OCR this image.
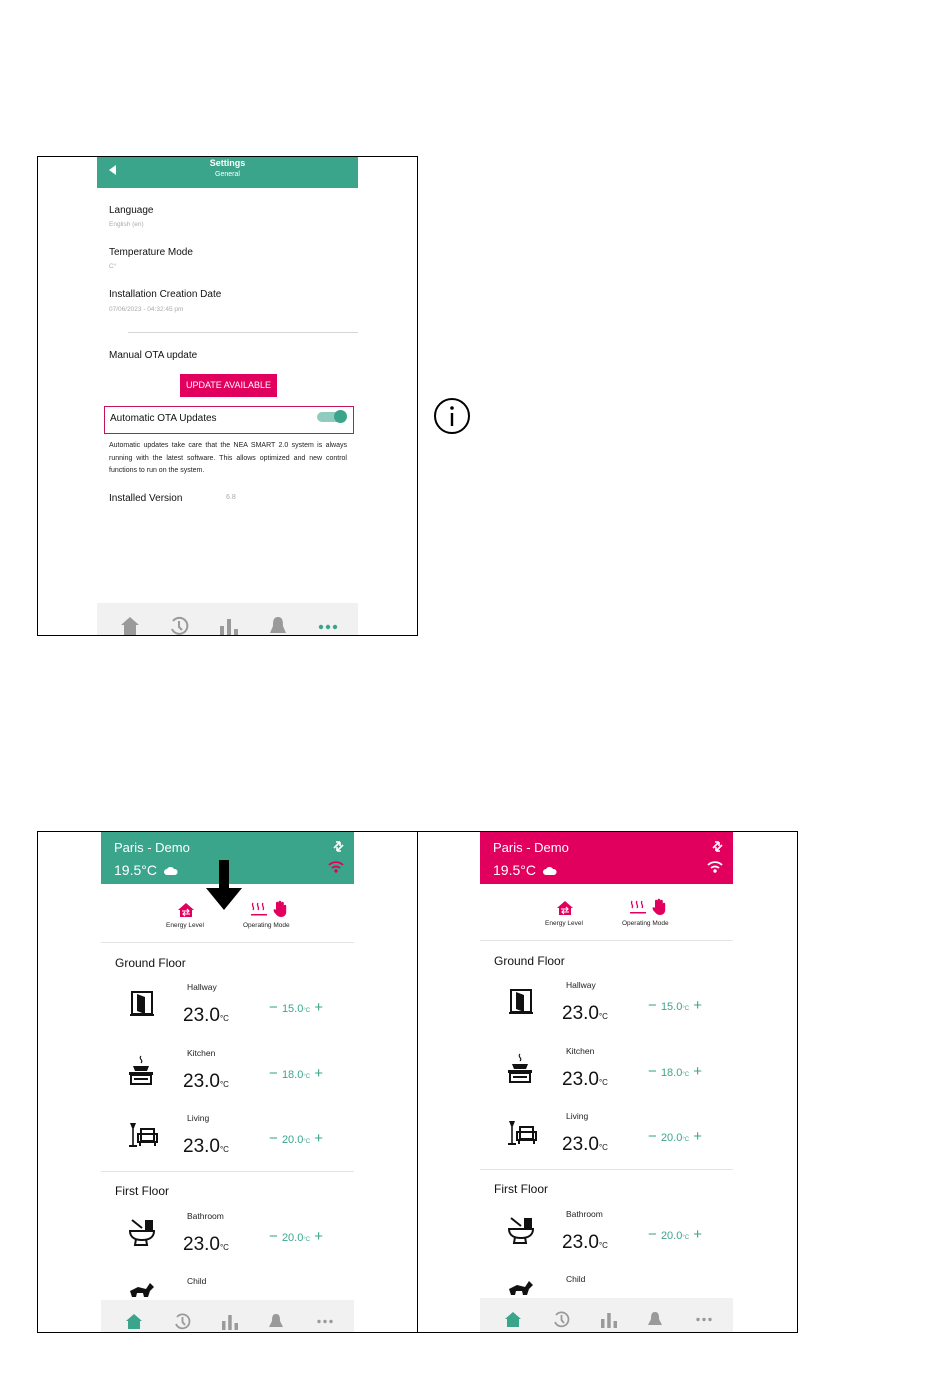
Settings
General
Language
English (en)
Temperature Mode
C°
Installation Creation Date
07/06/2023 - 04:32:45 pm
Manual OTA update
UPDATE AVAILABLE
Automatic OTA Updates
Automatic updates take care that the NEA SMART 2.0 system is always running with the latest software. This allows optimized and new control functions to run on the system.
Installed Version	6.8
Paris - Demo
19.5°C
Energy Level	Operating Mode
Ground Floor
Hallway
23.0°C
− 15.0°C +
Kitchen
23.0°C
− 18.0°C +
Living
23.0°C
− 20.0°C +
First Floor
Bathroom
23.0°C
− 20.0°C +
Child
Paris - Demo
19.5°C
Energy Level	Operating Mode
Ground Floor
Hallway
23.0°C
− 15.0°C +
Kitchen
23.0°C
− 18.0°C +
Living
23.0°C
− 20.0°C +
First Floor
Bathroom
23.0°C
− 20.0°C +
Child
